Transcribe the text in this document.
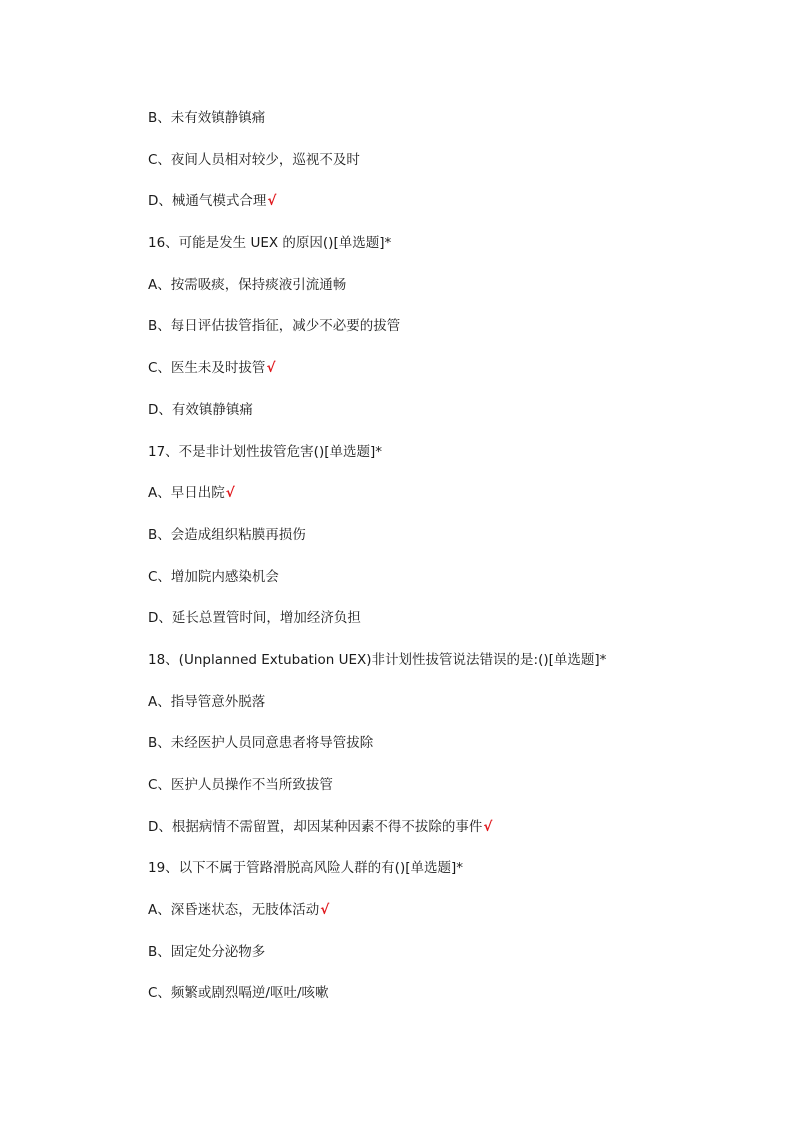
B、未有效镇静镇痛
C、夜间人员相对较少，巡视不及时
D、械通气模式合理√
16、可能是发生 UEX 的原因()[单选题]*
A、按需吸痰，保持痰液引流通畅
B、每日评估拔管指征，减少不必要的拔管
C、医生未及时拔管√
D、有效镇静镇痛
17、不是非计划性拔管危害()[单选题]*
A、早日出院√
B、会造成组织粘膜再损伤
C、增加院内感染机会
D、延长总置管时间，增加经济负担
18、(Unplanned Extubation UEX)非计划性拔管说法错误的是:()[单选题]*
A、指导管意外脱落
B、未经医护人员同意患者将导管拔除
C、医护人员操作不当所致拔管
D、根据病情不需留置，却因某种因素不得不拔除的事件√
19、以下不属于管路滑脱高风险人群的有()[单选题]*
A、深昏迷状态，无肢体活动√
B、固定处分泌物多
C、频繁或剧烈嗝逆/呕吐/咳嗽
